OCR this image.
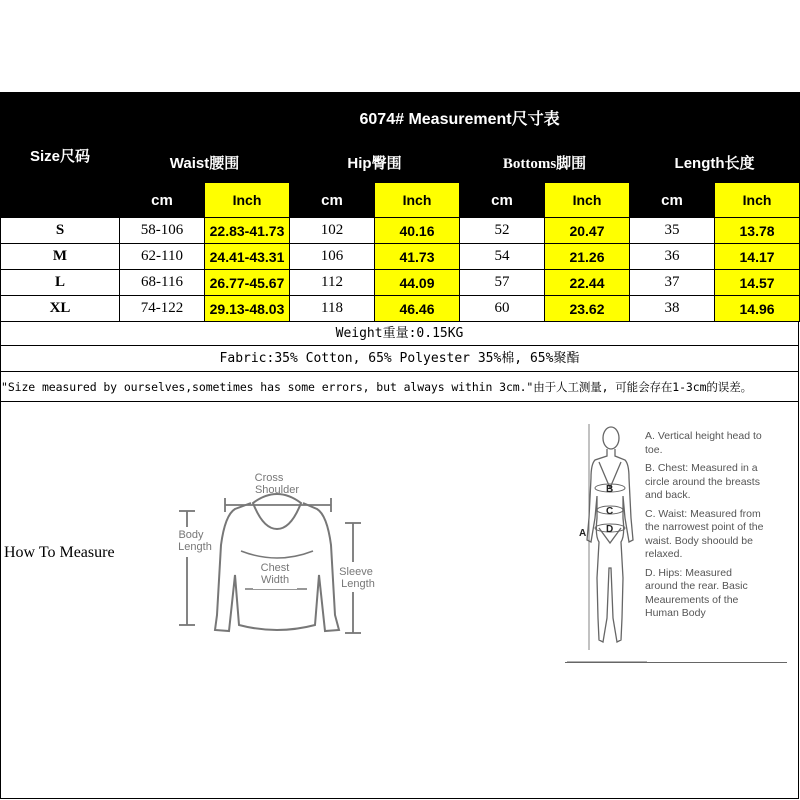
Size尺码	6074# Measurement尺寸表							
	Waist腰围		Hip臀围		Bottoms脚围		Length长度	
	cm	Inch	cm	Inch	cm	Inch	cm	Inch
S	58-106	22.83-41.73	102	40.16	52	20.47	35	13.78
M	62-110	24.41-43.31	106	41.73	54	21.26	36	14.17
L	68-116	26.77-45.67	112	44.09	57	22.44	37	14.57
XL	74-122	29.13-48.03	118	46.46	60	23.62	38	14.96
Weight重量:0.15KG
Fabric:35% Cotton, 65% Polyester 35%棉, 65%聚酯
"Size measured by ourselves,sometimes has some errors, but always within 3cm."由于人工测量, 可能会存在1-3cm的误差。
How To Measure
Cross
Shoulder
Body
Length
Chest
Width
Sleeve
Length
A
B
C
D
A. Vertical height head to toe.
B. Chest: Measured in a circle around the breasts and back.
C. Waist: Measured from the narrowest point of the waist. Body shoould be relaxed.
D. Hips: Measured around the rear. Basic Meaurements of the Human Body
